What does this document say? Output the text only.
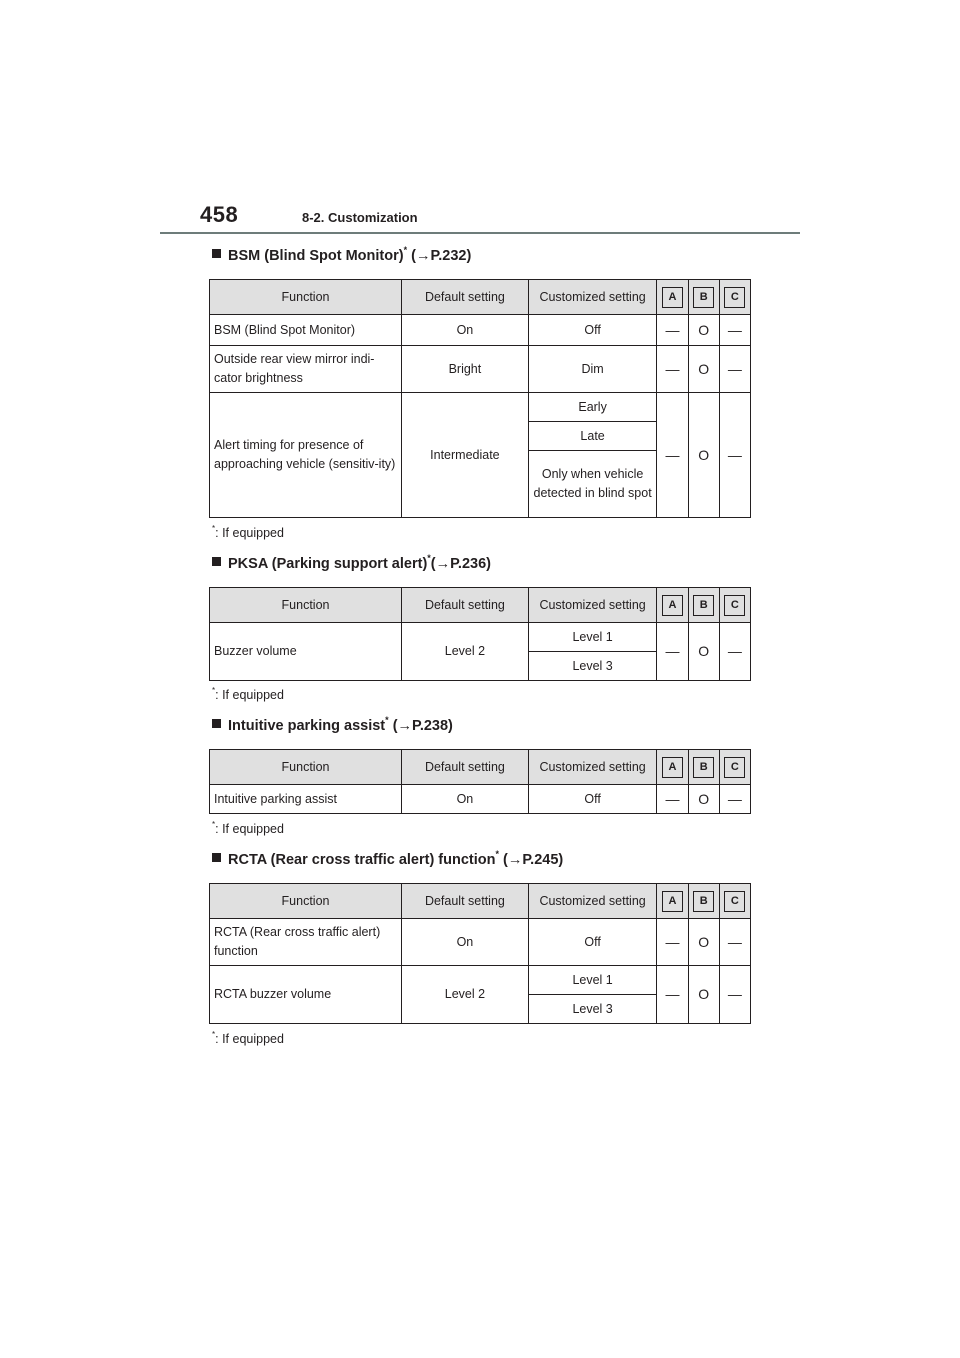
458	8-2. Customization
BSM (Blind Spot Monitor)* (→P.232)
Function	Default setting	Customized setting	A	B	C
BSM (Blind Spot Monitor)	On	Off	—	O	—
Outside rear view mirror indi-cator brightness	Bright	Dim	—	O	—
Alert timing for presence of approaching vehicle (sensitiv-ity)	Intermediate	Early	—	O	—
		Late			
		Only when vehicle detected in blind spot			
*: If equipped
PKSA (Parking support alert)*(→P.236)
Function	Default setting	Customized setting	A	B	C
Buzzer volume	Level 2	Level 1	—	O	—
		Level 3			
*: If equipped
Intuitive parking assist* (→P.238)
Function	Default setting	Customized setting	A	B	C
Intuitive parking assist	On	Off	—	O	—
*: If equipped
RCTA (Rear cross traffic alert) function* (→P.245)
Function	Default setting	Customized setting	A	B	C
RCTA (Rear cross traffic alert) function	On	Off	—	O	—
RCTA buzzer volume	Level 2	Level 1	—	O	—
		Level 3			
*: If equipped
